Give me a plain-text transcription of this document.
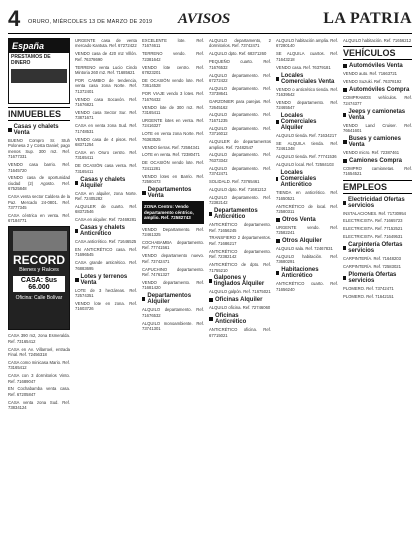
4 ORURO, MIÉRCOLES 13 DE MARZO DE 2019 AVISOS	LA PATRIA
España
PRESTAMOS DE DINERO
INMUEBLES
Casas y chalets Venta
BUENO Compro Sr. Stuh Polonesa 2 y Costa Daniel; pago menos Sup. 300 m2. Ref. 71677331
VENDO casa barrio. Ref. 71645720
VENDO casa de oportunidad ciudad (2) Agosto. Ref. 67525848
CASA venta sector Caldera de la Paz. Mercado 24-0801. Ref. 73777345
CASA céntrica en venta. Ref. 67184771
RECORD
Bienes y Raíces
CASA: $us 66.000
Oficina: Calle Bolívar
CASA 390 m2, zona Esmeralda. Ref. 73165412
CASA en Av. Villarroel, entrada Final. Ref. 72456318
CASA como minicasa Mario. Ref. 73165412
CASA con 3 dormitorios Vinto. Ref. 71689047
EN Cochabamba venta casa. Ref. 67205847
CASA venta zona Sud. Ref. 73834124
URGENTE casa de venta mercado Kantuta. Ref. 67272422
VENDO casa de 420 m2 Villón. Ref. 76378690
TERRENO venta Lucio Cindo Mintoria 260 m2. Ref. 71685621
POR CAMBIO de tendencia, venta casa zona Norte. Ref. 71372401
VENDO casa Socavón. Ref. 71676821
VENDO casa Sector Sur. Ref. 73871671
CASA en venta zona Sud. Ref. 71748531
VENDO casa de 4 pisos. Ref. 68371254
CASA en Oruro centro. Ref. 73165411
DE OCASIÓN casa venta. Ref. 73165411
Casas y chalets Alquiler
CASA en alquiler, zona Norte. Ref. 72405282
ALQUILER de cuarto. Ref. 68372546
CASA en alquiler. Ref. 72469281
Casas y chalets Anticrético
CASA anticrético. Ref. 71646525
EN ANTICRÉTICO casa. Ref. 71696545
CASA grande anticrético. Ref. 76883695
Lotes y terrenos Venta
LOTE de 3 hectáreas. Ref. 72574351
VENDO lote en zona. Ref. 71603726
EXCELENTE lote. Ref. 71674611
TERRENO vendo. Ref. 72381642
VENDO lote centro. Ref. 67823201
DE OCASIÓN vendo lote. Ref. 73614528
POR VIAJE vendo 3 lotes. Ref. 71676432
VENDO lote de 300 m2. Ref. 73165411
URGENTE lotes en venta. Ref. 72416327
LOTE en venta zona Norte. Ref. 76363525
VENDO tierras. Ref. 72584341
LOTE en venta. Ref. 72380471
DE OCASIÓN vendo lote. Ref. 72411281
VENDO lotes en Barrio. Ref. 72580473
Departamentos Venta
ZONA Centro: Vendo departamento céntrico, amplio. Ref. 72582743
VENDO Departamento. Ref. 72461325
COCHABAMBA departamento. Ref. 77741561
VENDO departamento nuevo. Ref. 73742471
CAPUCHINO departamento. Ref. 74761327
VENDO departamento. Ref. 71681420
Departamentos Alquiler
ALQUILO departamento. Ref. 71676532
ALQUILO monoambiente. Ref. 73741301
ALQUILO departamento, 2 dormitorios. Ref. 73742471
ALQUILO dpto. Ref. 68371260
PEQUEÑO cuarto. Ref. 71676532
ALQUILO departamento. Ref. 67272422
ALQUILO departamento. Ref. 73738641
GARZONIER para parejas. Ref. 72645162
ALQUILO departamento. Ref. 71671235
ALQUILO departamento. Ref. 73716012
ALQUILER de departamentos amplios. Ref. 72482547
ALQUILO departamento. Ref. 76373342
ALQUILO departamento. Ref. 73742471
SOLIDALD. Ref. 73765461
ALQUILO dpto. Ref. 71681212
ALQUILO departamento. Ref. 72382142
Departamentos Anticrético
ANTICRÉTICO departamento. Ref. 71656245
TRANSFIERO 2 departamentos. Ref. 71686217
ANTICRÉTICO departamento. Ref. 72382142
ANTICRÉTICO de dpto. Ref. 71755210
Galpones y tinglados Alquiler
ALQUILO galpón. Ref. 71675021
Oficinas Alquiler
ALQUILO oficina. Ref. 72746060
Oficinas Anticrético
ANTICRÉTICO oficina. Ref. 67715021
ALQUILO habitación amplia. Ref. 67280140
SE ALQUILA cuartos. Ref. 71643218
VENDO casa. Ref. 76379181
Locales Comerciales Venta
VENDO o anticrético tienda. Ref. 71639542
VENDO departamento. Ref. 72465547
Locales Comerciales Alquiler
ALQUILO tienda. Ref. 71634217
SE ALQUILA tienda. Ref. 72461348
ALQUILO tienda. Ref. 77741536
ALQUILO local. Ref. 72584103
Locales Comerciales Anticrético
TIENDA en anticrético. Ref. 71650521
ANTICRÉTICO de local. Ref. 72580311
Otros Venta
URGENTE vendo. Ref. 72582241
Otros Alquiler
ALQUILO sala. Ref. 72467831
ALQUILO habitación. Ref. 73680291
Habitaciones Anticrético
ANTICRÉTICO cuarto. Ref. 71656240
ALQUILO habitación. Ref. 71656212
VEHÍCULOS
Automóviles Venta
VENDO auto. Ref. 71663721
VENDO Suzuki. Ref. 76378192
Automóviles Compra
COMPRAMOS vehículos. Ref. 72474377
Jeeps y camionetas Venta
VENDO Land Cruiser. Ref. 76641601
Buses y camiones Venta
VENDO micro. Ref. 72387461
Camiones Compra
COMPRO camionetas. Ref. 71654521
EMPLEOS
Electricidad Ofertas servicios
INSTALACIONES. Ref. 71730954
ELECTRICISTA. Ref. 71665723
ELECTRICISTA. Ref. 77152521
ELECTRICISTA. Ref. 71649531
Carpintería Ofertas servicios
CARPINTERÍA. Ref. 71648203
CARPINTERÍA. Ref. 72583021
Plomería Ofertas servicios
PLOMERO. Ref. 73742471
PLOMERO. Ref. 71642151
